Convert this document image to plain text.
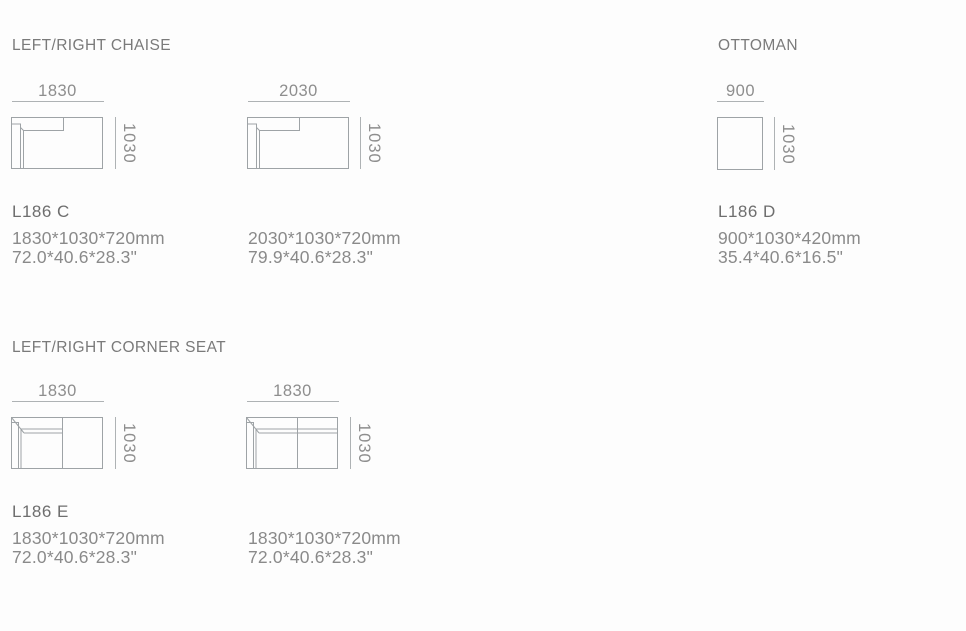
LEFT/RIGHT CHAISE	OTTOMAN
LEFT/RIGHT CORNER SEAT
1830
1030
2030
1030
900
1030
L186 C	L186 D
1830*1030*720mm
72.0*40.6*28.3"
2030*1030*720mm
79.9*40.6*28.3"
900*1030*420mm
35.4*40.6*16.5"
1830
1030
1830
1030
L186 E
1830*1030*720mm
72.0*40.6*28.3"
1830*1030*720mm
72.0*40.6*28.3"
